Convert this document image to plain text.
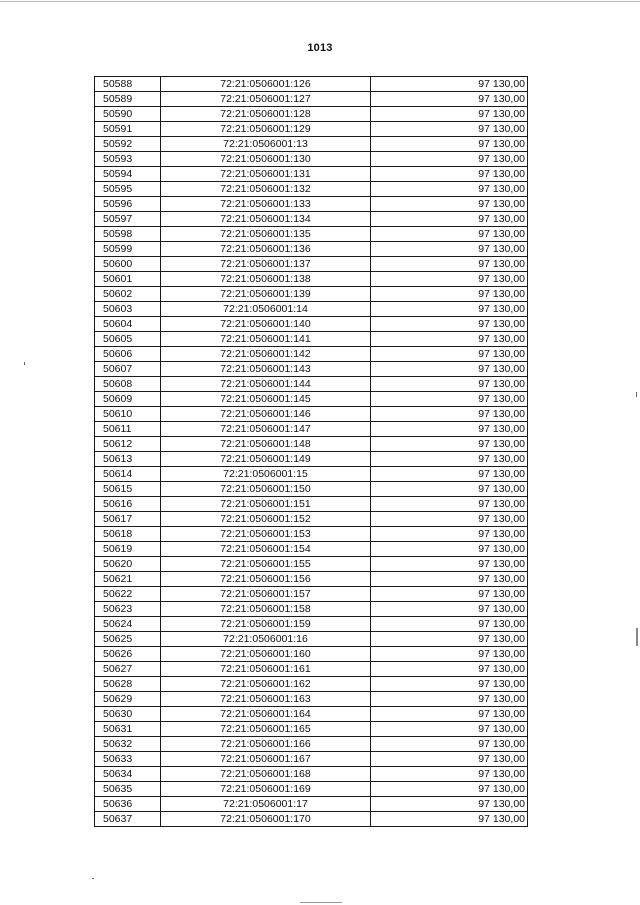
1013
50588	72:21:0506001:126	97 130,00
50589	72:21:0506001:127	97 130,00
50590	72:21:0506001:128	97 130,00
50591	72:21:0506001:129	97 130,00
50592	72:21:0506001:13	97 130,00
50593	72:21:0506001:130	97 130,00
50594	72:21:0506001:131	97 130,00
50595	72:21:0506001:132	97 130,00
50596	72:21:0506001:133	97 130,00
50597	72:21:0506001:134	97 130,00
50598	72:21:0506001:135	97 130,00
50599	72:21:0506001:136	97 130,00
50600	72:21:0506001:137	97 130,00
50601	72:21:0506001:138	97 130,00
50602	72:21:0506001:139	97 130,00
50603	72:21:0506001:14	97 130,00
50604	72:21:0506001:140	97 130,00
50605	72:21:0506001:141	97 130,00
50606	72:21:0506001:142	97 130,00
50607	72:21:0506001:143	97 130,00
50608	72:21:0506001:144	97 130,00
50609	72:21:0506001:145	97 130,00
50610	72:21:0506001:146	97 130,00
50611	72:21:0506001:147	97 130,00
50612	72:21:0506001:148	97 130,00
50613	72:21:0506001:149	97 130,00
50614	72:21:0506001:15	97 130,00
50615	72:21:0506001:150	97 130,00
50616	72:21:0506001:151	97 130,00
50617	72:21:0506001:152	97 130,00
50618	72:21:0506001:153	97 130,00
50619	72:21:0506001:154	97 130,00
50620	72:21:0506001:155	97 130,00
50621	72:21:0506001:156	97 130,00
50622	72:21:0506001:157	97 130,00
50623	72:21:0506001:158	97 130,00
50624	72:21:0506001:159	97 130,00
50625	72:21:0506001:16	97 130,00
50626	72:21:0506001:160	97 130,00
50627	72:21:0506001:161	97 130,00
50628	72:21:0506001:162	97 130,00
50629	72:21:0506001:163	97 130,00
50630	72:21:0506001:164	97 130,00
50631	72:21:0506001:165	97 130,00
50632	72:21:0506001:166	97 130,00
50633	72:21:0506001:167	97 130,00
50634	72:21:0506001:168	97 130,00
50635	72:21:0506001:169	97 130,00
50636	72:21:0506001:17	97 130,00
50637	72:21:0506001:170	97 130,00
